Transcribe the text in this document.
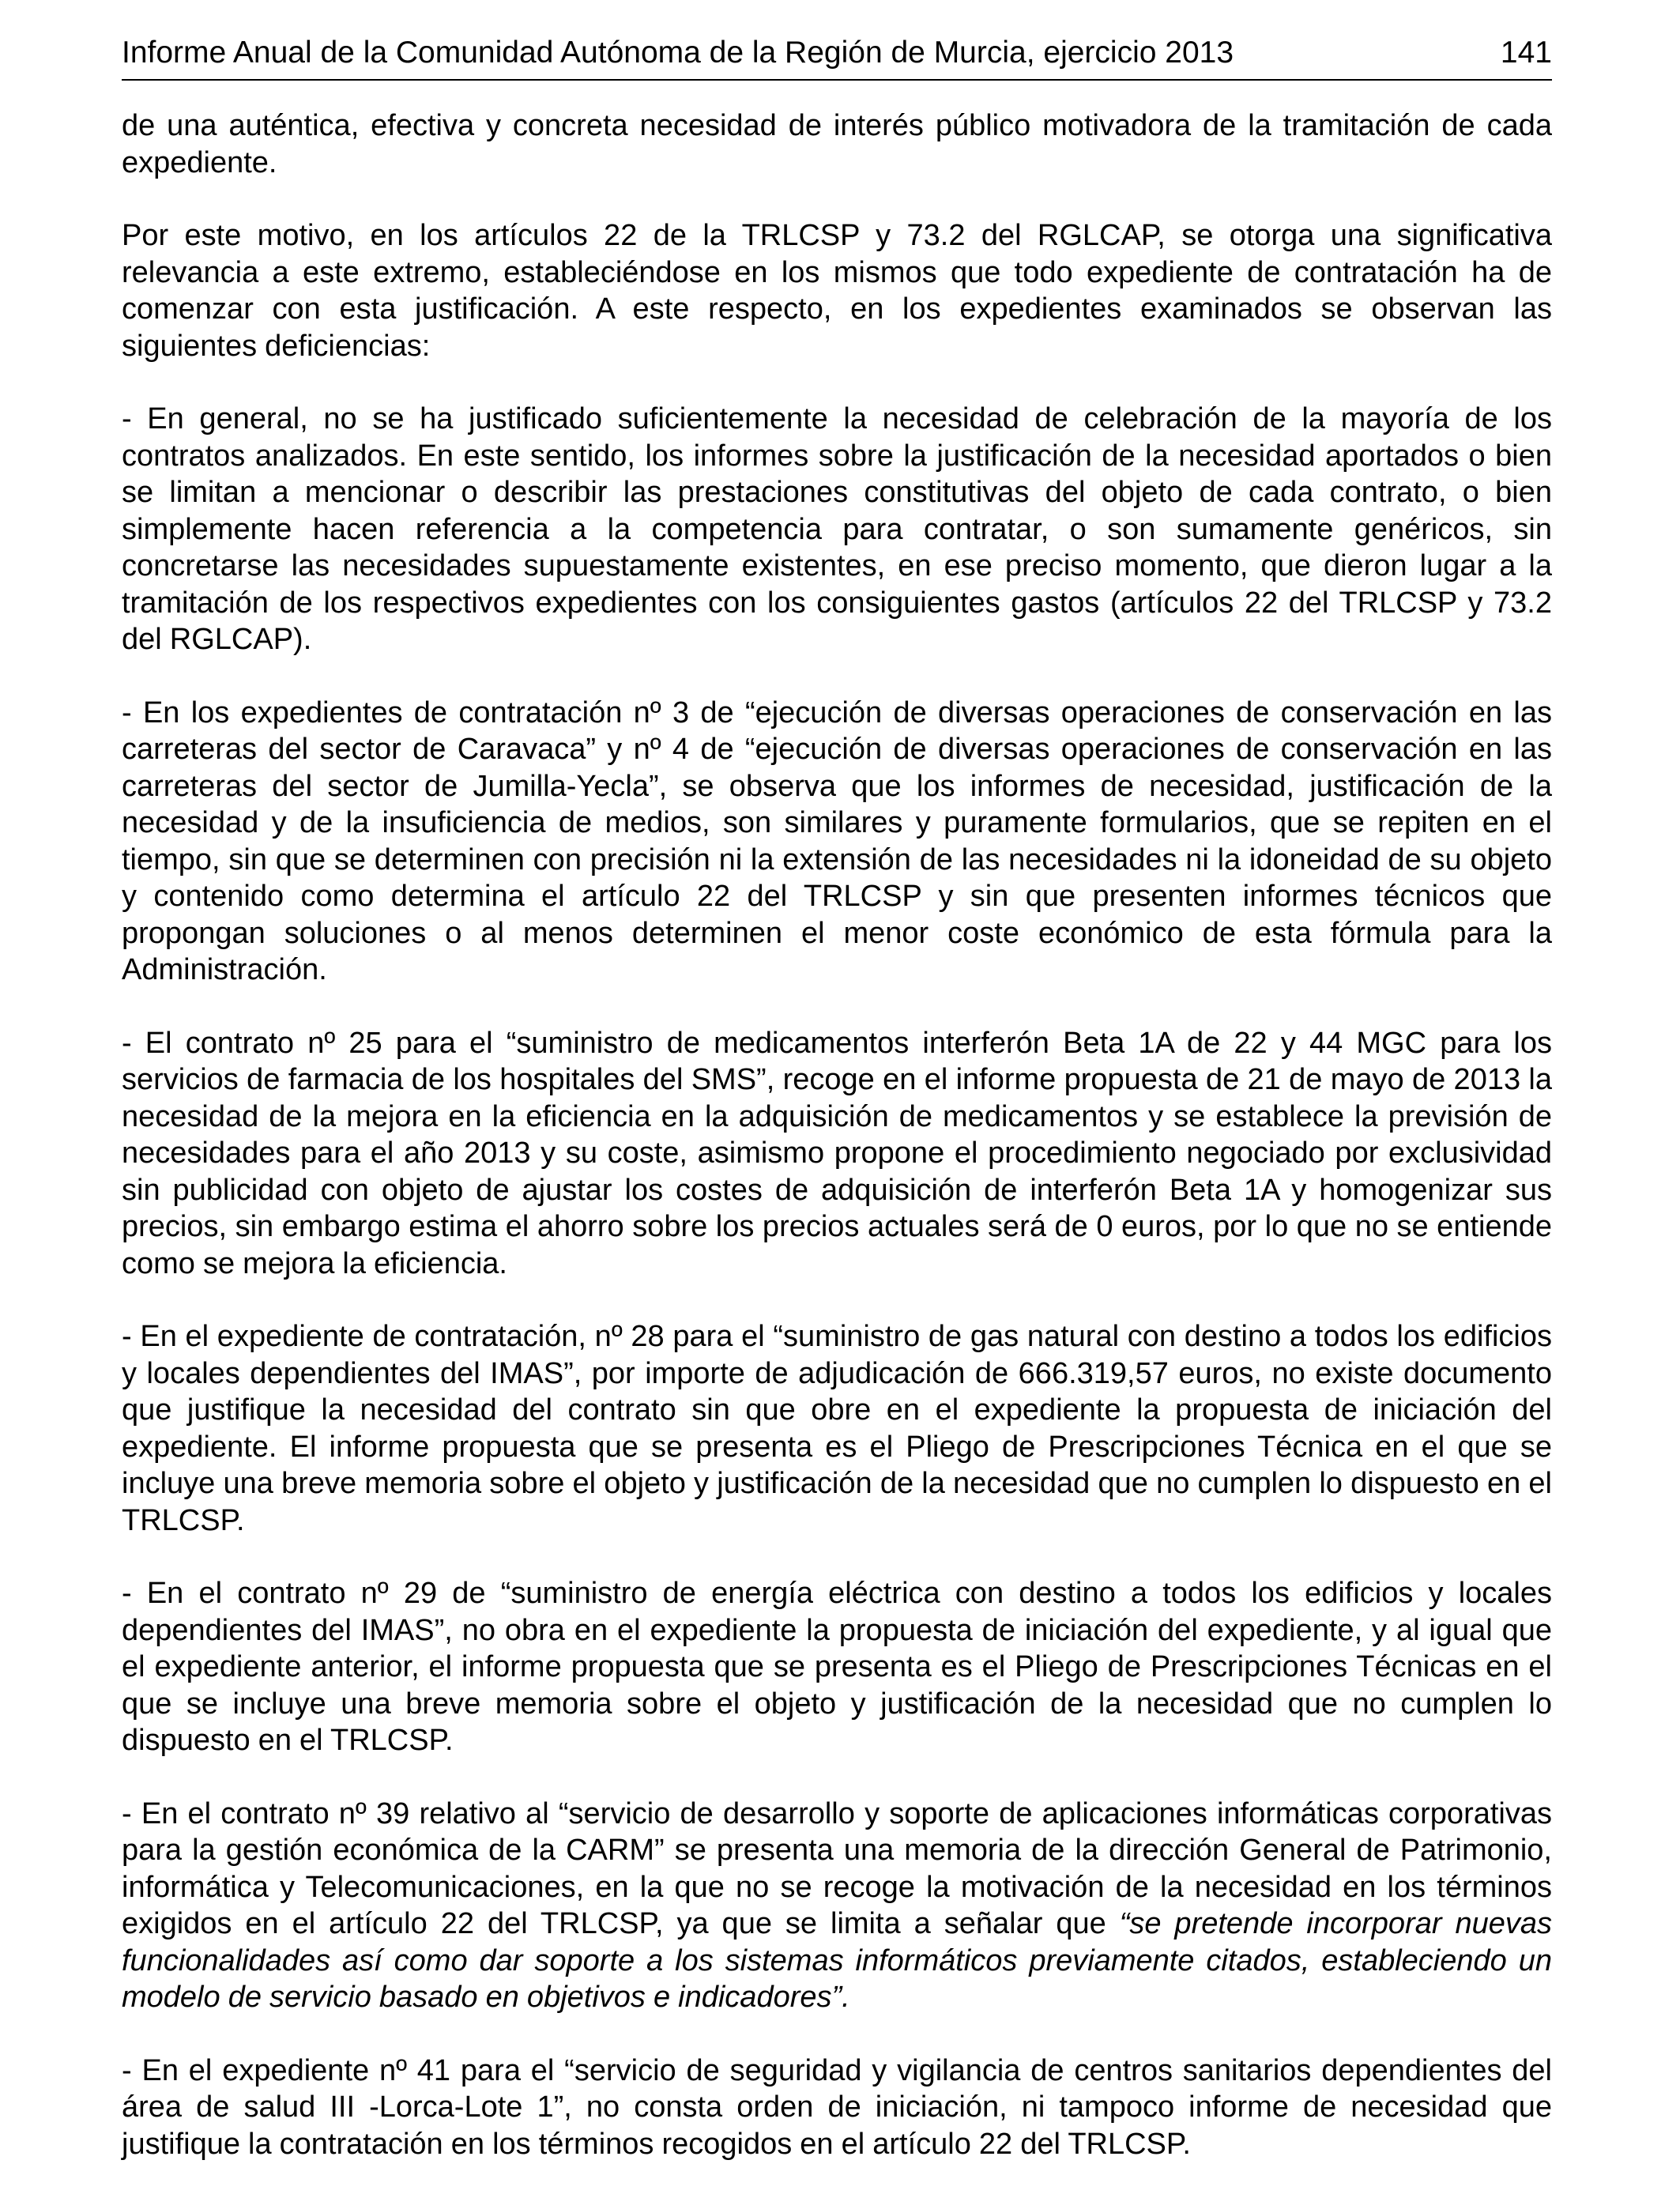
Informe Anual de la Comunidad Autónoma de la Región de Murcia, ejercicio 2013	141

de una auténtica, efectiva y concreta necesidad de interés público motivadora de la tramitación de cada expediente.

Por este motivo, en los artículos 22 de la TRLCSP y 73.2 del RGLCAP, se otorga una significativa relevancia a este extremo, estableciéndose en los mismos que todo expediente de contratación ha de comenzar con esta justificación. A este respecto, en los expedientes examinados se observan las siguientes deficiencias:

- En general, no se ha justificado suficientemente la necesidad de celebración de la mayoría de los contratos analizados. En este sentido, los informes sobre la justificación de la necesidad aportados o bien se limitan a mencionar o describir las prestaciones constitutivas del objeto de cada contrato, o bien simplemente hacen referencia a la competencia para contratar, o son sumamente genéricos, sin concretarse las necesidades supuestamente existentes, en ese preciso momento, que dieron lugar a la tramitación de los respectivos expedientes con los consiguientes gastos (artículos 22 del TRLCSP y 73.2 del RGLCAP).

- En los expedientes de contratación nº 3 de “ejecución de diversas operaciones de conservación en las carreteras del sector de Caravaca” y nº 4 de “ejecución de diversas operaciones de conservación en las carreteras del sector de Jumilla-Yecla”, se observa que los informes de necesidad, justificación de la necesidad y de la insuficiencia de medios, son similares y puramente formularios, que se repiten en el tiempo, sin que se determinen con precisión ni la extensión de las necesidades ni la idoneidad de su objeto y contenido como determina el artículo 22 del TRLCSP y sin que presenten informes técnicos que propongan soluciones o al menos determinen el menor coste económico de esta fórmula para la Administración.

- El contrato nº 25 para el “suministro de medicamentos interferón Beta 1A de 22 y 44 MGC para los servicios de farmacia de los hospitales del SMS”, recoge en el informe propuesta de 21 de mayo de 2013 la necesidad de la mejora en la eficiencia en la adquisición de medicamentos y se establece la previsión de necesidades para el año 2013 y su coste, asimismo propone el procedimiento negociado por exclusividad sin publicidad con objeto de ajustar los costes de adquisición de interferón Beta 1A y homogenizar sus precios, sin embargo estima el ahorro sobre los precios actuales será de 0 euros, por lo que no se entiende como se mejora la eficiencia.

- En el expediente de contratación, nº 28 para el “suministro de gas natural con destino a todos los edificios y locales dependientes del IMAS”, por importe de adjudicación de 666.319,57 euros, no existe documento que justifique la necesidad del contrato sin que obre en el expediente la propuesta de iniciación del expediente. El informe propuesta que se presenta es el Pliego de Prescripciones Técnica en el que se incluye una breve memoria sobre el objeto y justificación de la necesidad que no cumplen lo dispuesto en el TRLCSP.

- En el contrato nº 29 de “suministro de energía eléctrica con destino a todos los edificios y locales dependientes del IMAS”, no obra en el expediente la propuesta de iniciación del expediente, y al igual que el expediente anterior, el informe propuesta que se presenta es el Pliego de Prescripciones Técnicas en el que se incluye una breve memoria sobre el objeto y justificación de la necesidad que no cumplen lo dispuesto en el TRLCSP.

- En el contrato nº 39 relativo al “servicio de desarrollo y soporte de aplicaciones informáticas corporativas para la gestión económica de la CARM” se presenta una memoria de la dirección General de Patrimonio, informática y Telecomunicaciones, en la que no se recoge la motivación de la necesidad en los términos exigidos en el artículo 22 del TRLCSP, ya que se limita a señalar que “se pretende incorporar nuevas funcionalidades así como dar soporte a los sistemas informáticos previamente citados, estableciendo un modelo de servicio basado en objetivos e indicadores”.

- En el expediente nº 41 para el “servicio de seguridad y vigilancia de centros sanitarios dependientes del área de salud III -Lorca-Lote 1”, no consta orden de iniciación, ni tampoco informe de necesidad que justifique la contratación en los términos recogidos en el artículo 22 del TRLCSP.
